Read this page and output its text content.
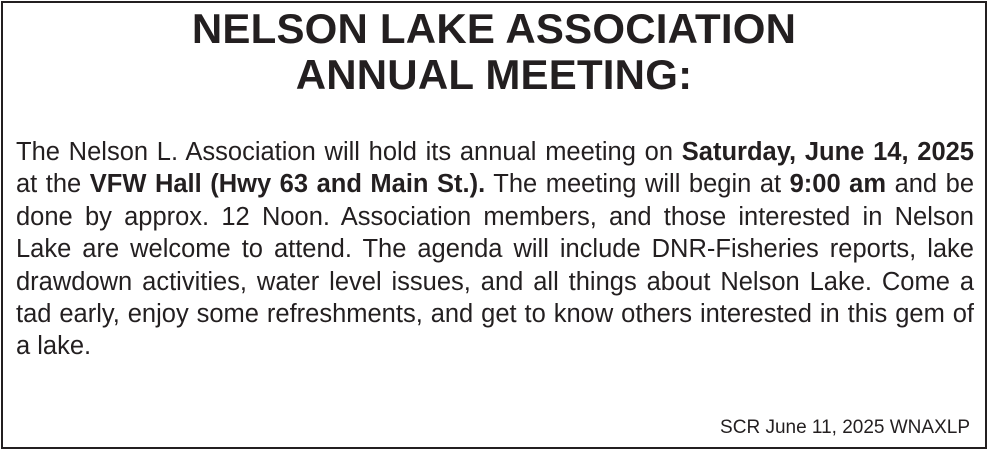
NELSON LAKE ASSOCIATION
ANNUAL MEETING:

The Nelson L. Association will hold its annual meeting on Saturday, June 14, 2025 at the VFW Hall (Hwy 63 and Main St.). The meeting will begin at 9:00 am and be done by approx. 12 Noon. Association members, and those interested in Nelson Lake are welcome to attend. The agenda will include DNR-Fisheries reports, lake drawdown activities, water level issues, and all things about Nelson Lake. Come a tad early, enjoy some refreshments, and get to know others interested in this gem of a lake.

SCR June 11, 2025 WNAXLP
